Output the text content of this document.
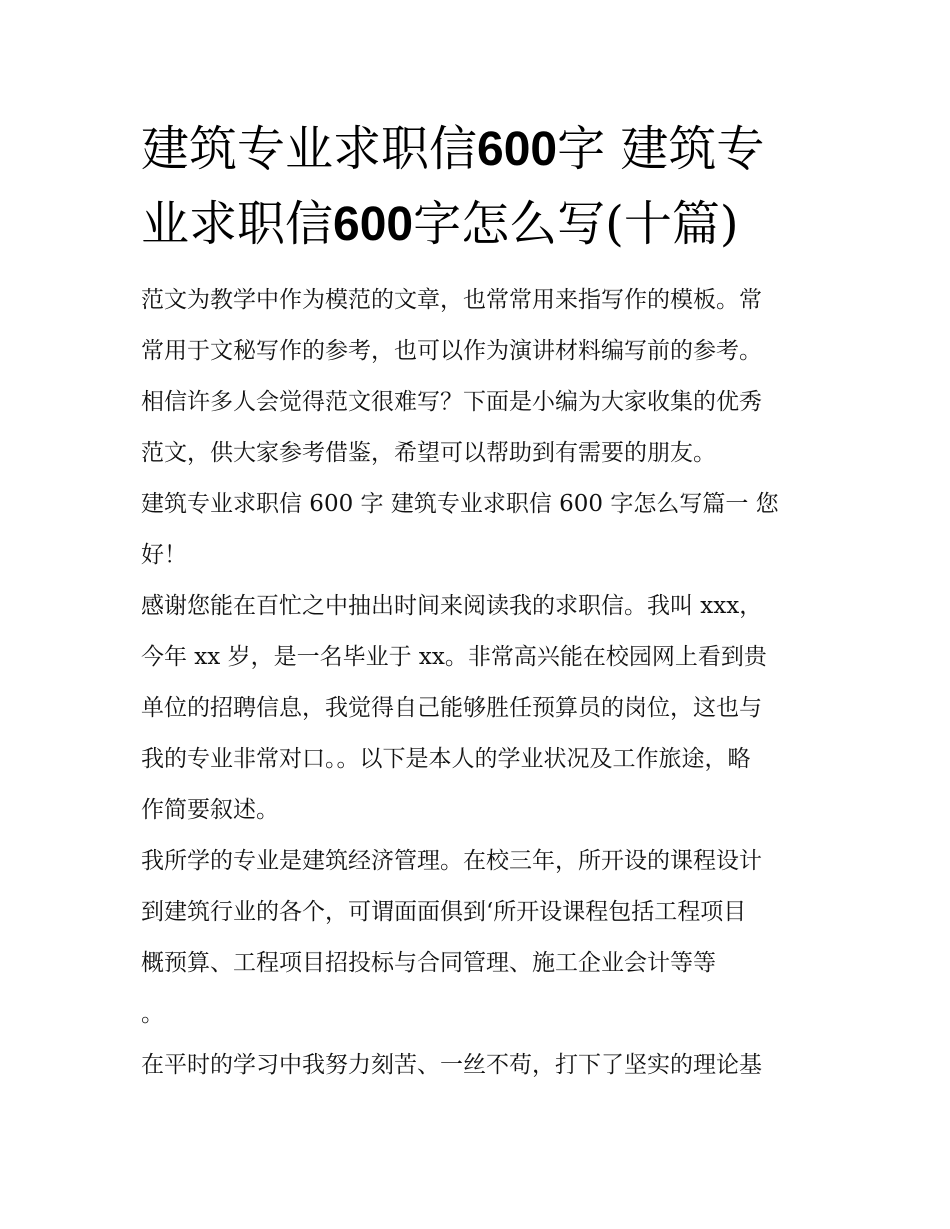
建筑专业求职信600字 建筑专
业求职信600字怎么写(十篇)

范文为教学中作为模范的文章，也常常用来指写作的模板。常
常用于文秘写作的参考，也可以作为演讲材料编写前的参考。
相信许多人会觉得范文很难写？下面是小编为大家收集的优秀
范文，供大家参考借鉴，希望可以帮助到有需要的朋友。

建筑专业求职信 600 字 建筑专业求职信 600 字怎么写篇一 您
好！

感谢您能在百忙之中抽出时间来阅读我的求职信。我叫 xxx，
今年 xx 岁，是一名毕业于 xx。非常高兴能在校园网上看到贵
单位的招聘信息，我觉得自己能够胜任预算员的岗位，这也与
我的专业非常对口。。以下是本人的学业状况及工作旅途，略
作简要叙述。

我所学的专业是建筑经济管理。在校三年，所开设的课程设计
到建筑行业的各个，可谓面面俱到‘所开设课程包括工程项目
概预算、工程项目招投标与合同管理、施工企业会计等等
。

在平时的学习中我努力刻苦、一丝不苟，打下了坚实的理论基
